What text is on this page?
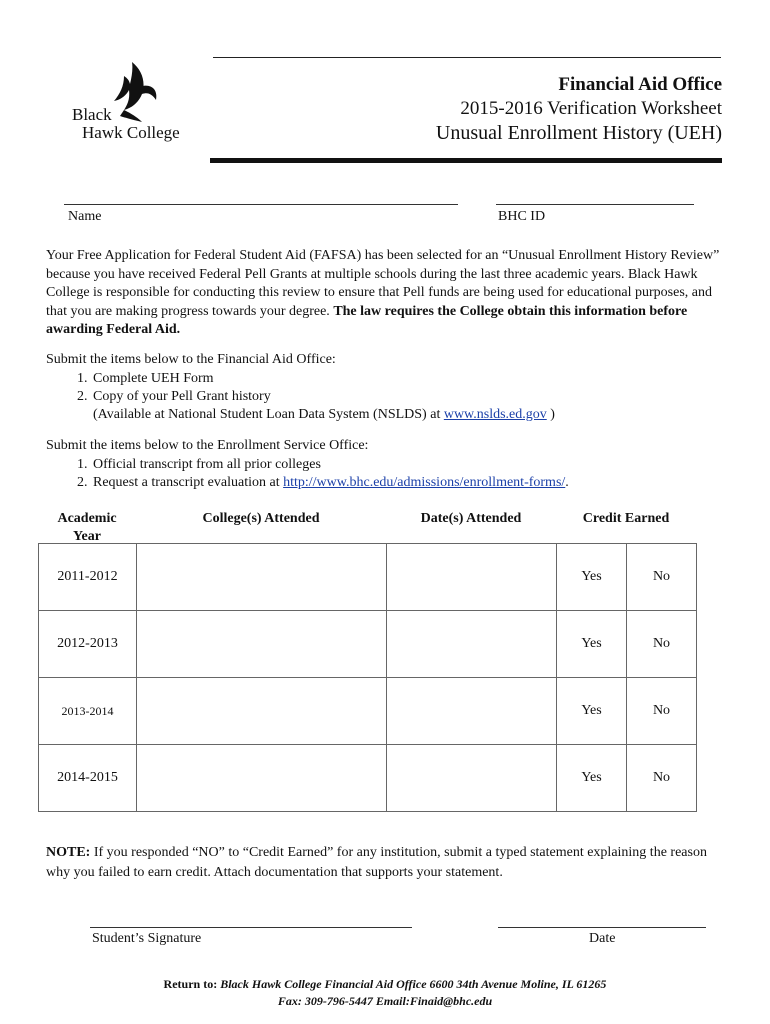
Black
Hawk College
Financial Aid Office
2015-2016 Verification Worksheet
Unusual Enrollment History (UEH)
Name	BHC ID

Your Free Application for Federal Student Aid (FAFSA) has been selected for an “Unusual Enrollment History Review” because you have received Federal Pell Grants at multiple schools during the last three academic years. Black Hawk College is responsible for conducting this review to ensure that Pell funds are being used for educational purposes, and that you are making progress towards your degree. The law requires the College obtain this information before awarding Federal Aid.

Submit the items below to the Financial Aid Office:

1. Complete UEH Form
2. Copy of your Pell Grant history
(Available at National Student Loan Data System (NSLDS) at www.nslds.ed.gov )

Submit the items below to the Enrollment Service Office:

1. Official transcript from all prior colleges
2. Request a transcript evaluation at http://www.bhc.edu/admissions/enrollment-forms/.
Academic
Year
College(s) Attended	Date(s) Attended	Credit Earned
2011-2012			Yes	No
2012-2013			Yes	No
2013-2014			Yes	No
2014-2015			Yes	No
NOTE: If you responded “NO” to “Credit Earned” for any institution, submit a typed statement explaining the reason why you failed to earn credit. Attach documentation that supports your statement.
Student’s Signature	Date
Return to: Black Hawk College Financial Aid Office 6600 34th Avenue Moline, IL 61265
Fax: 309-796-5447 Email:Finaid@bhc.edu
